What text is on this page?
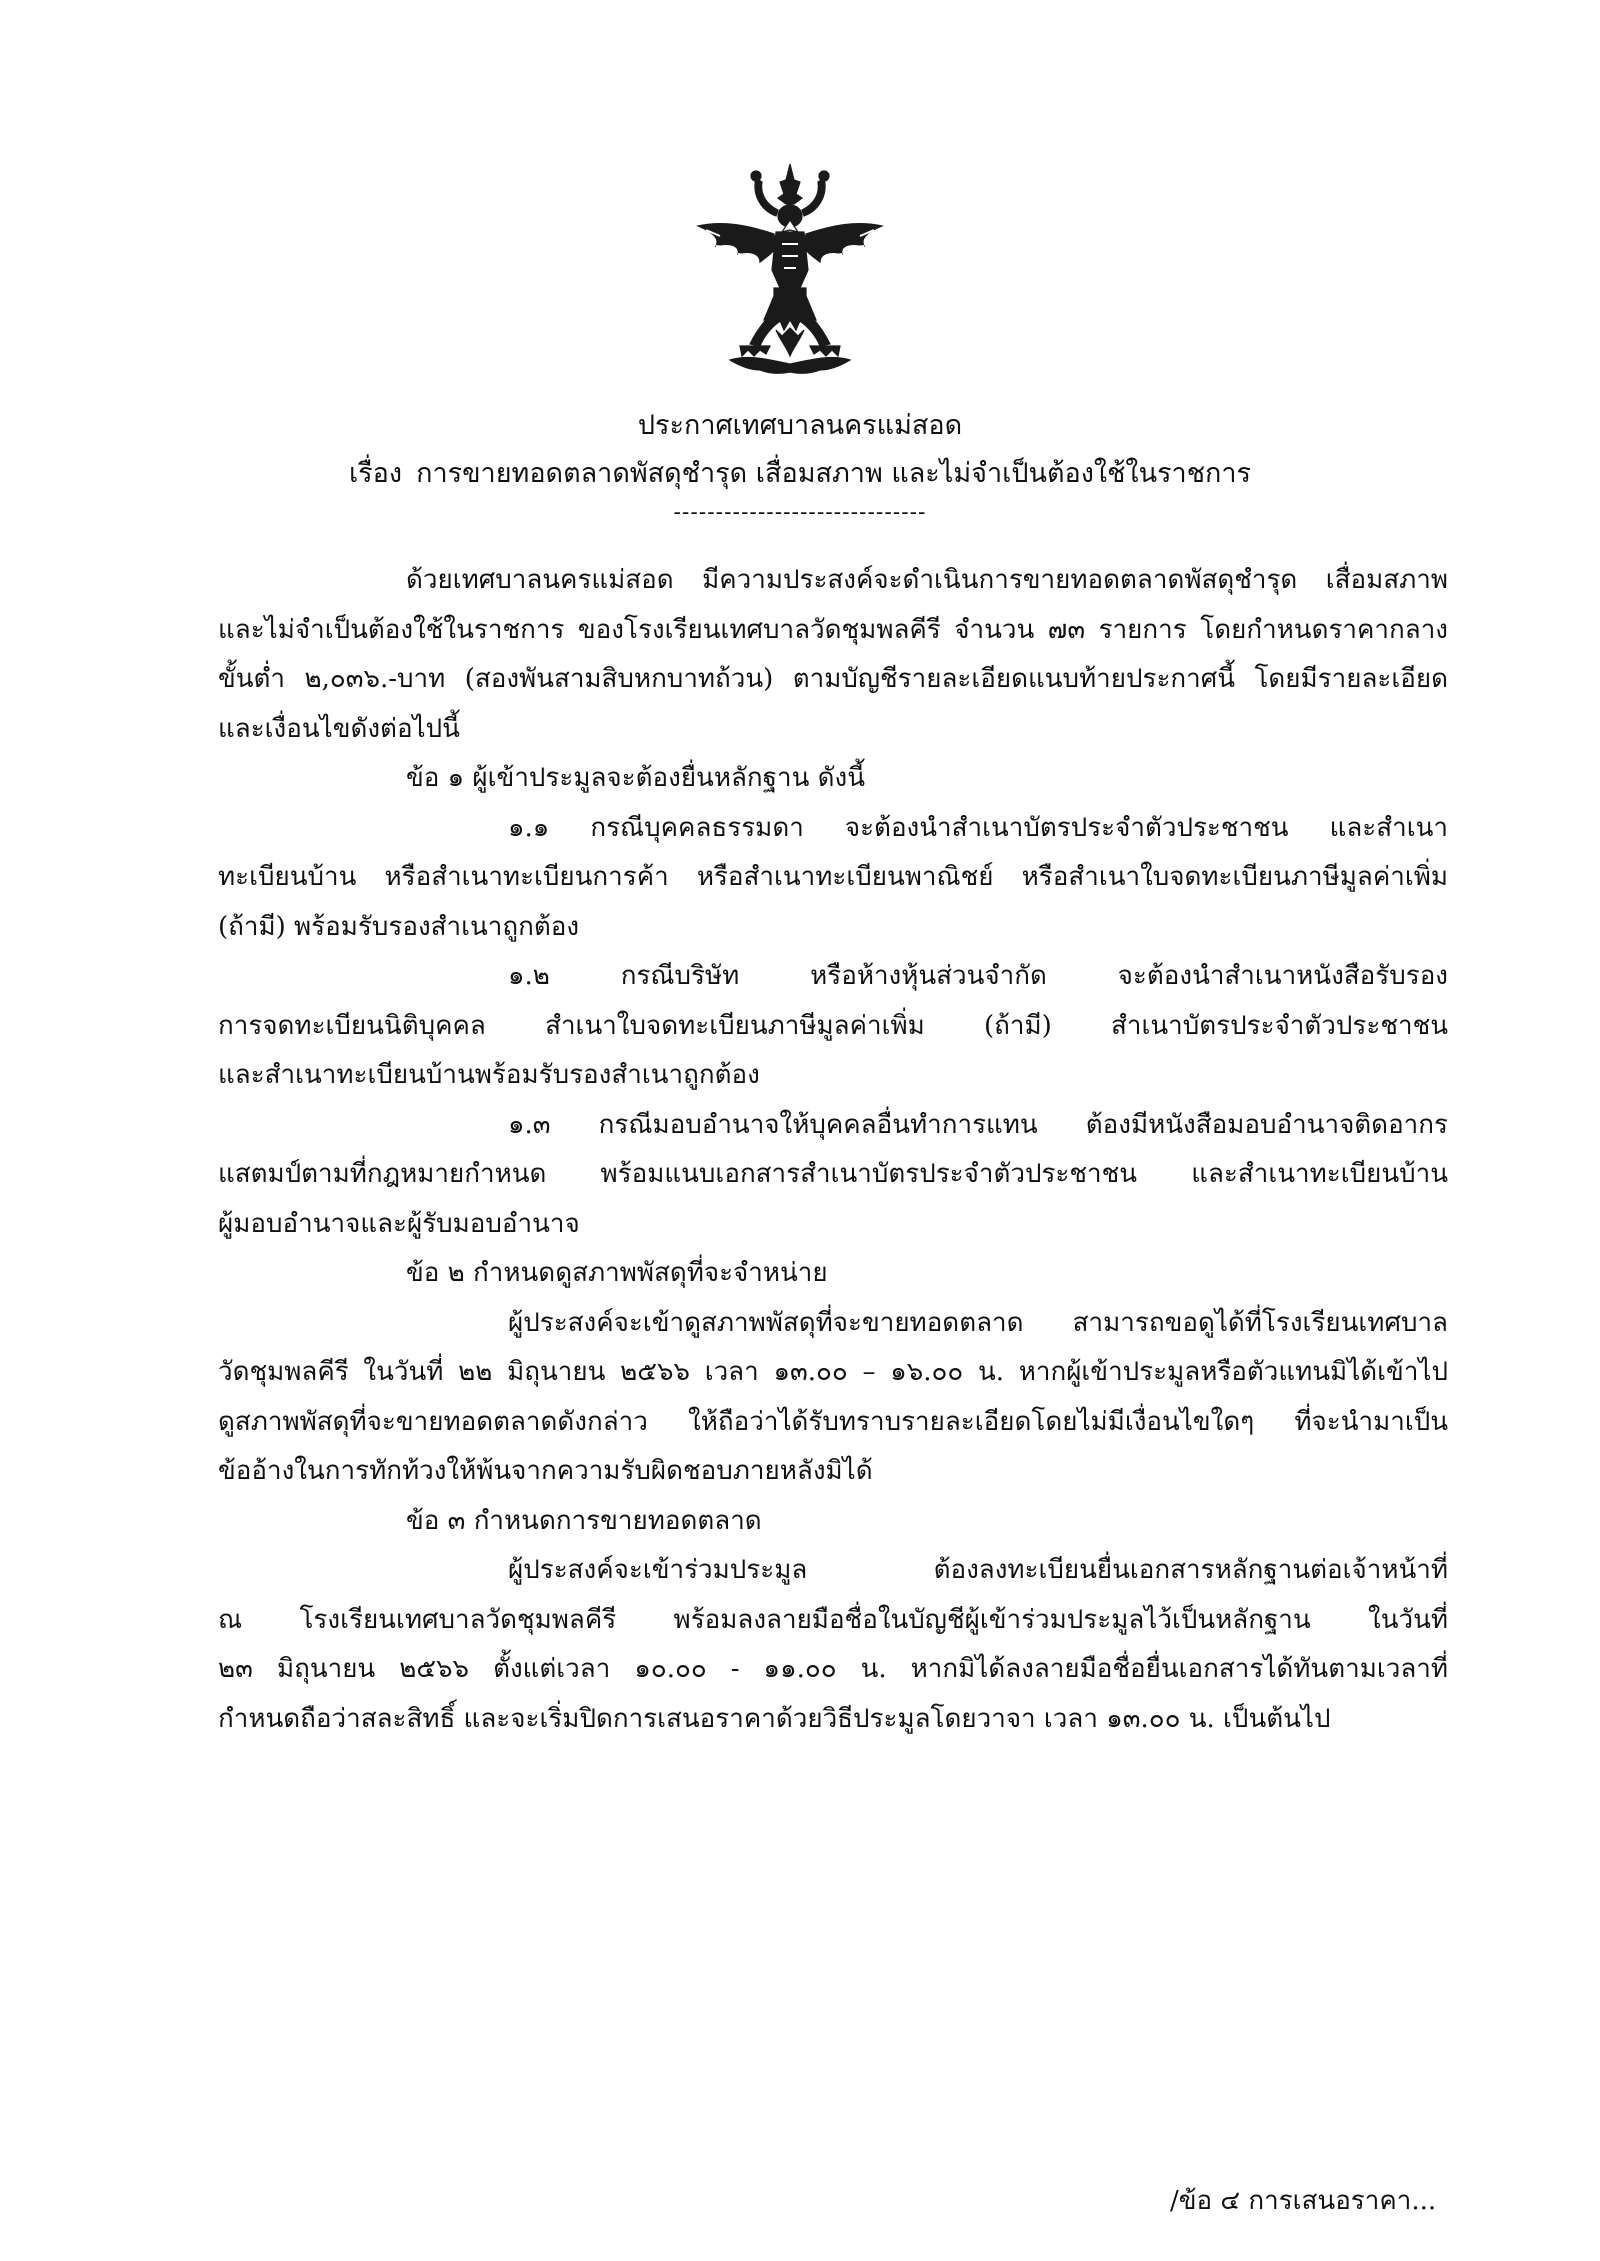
ประกาศเทศบาลนครแม่สอด
เรื่อง การขายทอดตลาดพัสดุชำรุด เสื่อมสภาพ และไม่จำเป็นต้องใช้ในราชการ
------------------------------
ด้วยเทศบาลนครแม่สอด มีความประสงค์จะดำเนินการขายทอดตลาดพัสดุชำรุด เสื่อมสภาพ
และไม่จำเป็นต้องใช้ในราชการ ของโรงเรียนเทศบาลวัดชุมพลคีรี จำนวน ๗๓ รายการ โดยกำหนดราคากลาง
ขั้นต่ำ ๒,๐๓๖.-บาท (สองพันสามสิบหกบาทถ้วน) ตามบัญชีรายละเอียดแนบท้ายประกาศนี้ โดยมีรายละเอียด
และเงื่อนไขดังต่อไปนี้
ข้อ ๑ ผู้เข้าประมูลจะต้องยื่นหลักฐาน ดังนี้
๑.๑ กรณีบุคคลธรรมดา จะต้องนำสำเนาบัตรประจำตัวประชาชน และสำเนา
ทะเบียนบ้าน หรือสำเนาทะเบียนการค้า หรือสำเนาทะเบียนพาณิชย์ หรือสำเนาใบจดทะเบียนภาษีมูลค่าเพิ่ม
(ถ้ามี) พร้อมรับรองสำเนาถูกต้อง
๑.๒ กรณีบริษัท หรือห้างหุ้นส่วนจำกัด จะต้องนำสำเนาหนังสือรับรอง
การจดทะเบียนนิติบุคคล สำเนาใบจดทะเบียนภาษีมูลค่าเพิ่ม (ถ้ามี) สำเนาบัตรประจำตัวประชาชน
และสำเนาทะเบียนบ้านพร้อมรับรองสำเนาถูกต้อง
๑.๓ กรณีมอบอำนาจให้บุคคลอื่นทำการแทน ต้องมีหนังสือมอบอำนาจติดอากร
แสตมป์ตามที่กฎหมายกำหนด พร้อมแนบเอกสารสำเนาบัตรประจำตัวประชาชน และสำเนาทะเบียนบ้าน
ผู้มอบอำนาจและผู้รับมอบอำนาจ
ข้อ ๒ กำหนดดูสภาพพัสดุที่จะจำหน่าย
ผู้ประสงค์จะเข้าดูสภาพพัสดุที่จะขายทอดตลาด สามารถขอดูได้ที่โรงเรียนเทศบาล
วัดชุมพลคีรี ในวันที่ ๒๒ มิถุนายน ๒๕๖๖ เวลา ๑๓.๐๐ – ๑๖.๐๐ น. หากผู้เข้าประมูลหรือตัวแทนมิได้เข้าไป
ดูสภาพพัสดุที่จะขายทอดตลาดดังกล่าว ให้ถือว่าได้รับทราบรายละเอียดโดยไม่มีเงื่อนไขใดๆ ที่จะนำมาเป็น
ข้ออ้างในการทักท้วงให้พ้นจากความรับผิดชอบภายหลังมิได้
ข้อ ๓ กำหนดการขายทอดตลาด
ผู้ประสงค์จะเข้าร่วมประมูล ต้องลงทะเบียนยื่นเอกสารหลักฐานต่อเจ้าหน้าที่
ณ โรงเรียนเทศบาลวัดชุมพลคีรี พร้อมลงลายมือชื่อในบัญชีผู้เข้าร่วมประมูลไว้เป็นหลักฐาน ในวันที่
๒๓ มิถุนายน ๒๕๖๖ ตั้งแต่เวลา ๑๐.๐๐ - ๑๑.๐๐ น. หากมิได้ลงลายมือชื่อยื่นเอกสารได้ทันตามเวลาที่
กำหนดถือว่าสละสิทธิ์ และจะเริ่มปิดการเสนอราคาด้วยวิธีประมูลโดยวาจา เวลา ๑๓.๐๐ น. เป็นต้นไป
/ข้อ ๔ การเสนอราคา...
